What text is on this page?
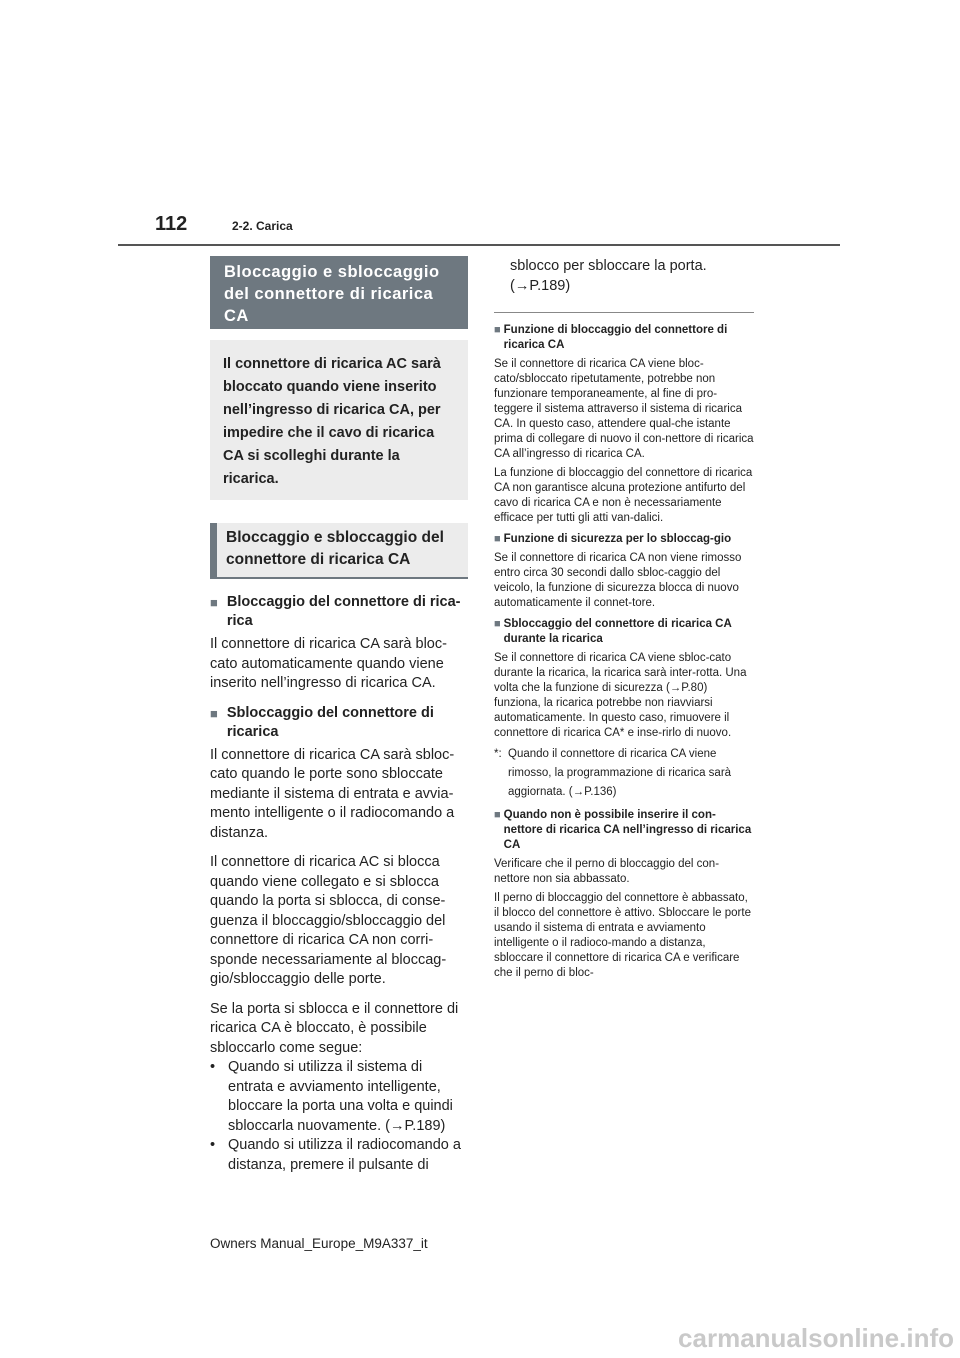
112	2-2. Carica
Bloccaggio e sbloccaggio del connettore di ricarica CA
Il connettore di ricarica AC sarà bloccato quando viene inserito nell’ingresso di ricarica CA, per impedire che il cavo di ricarica CA si scolleghi durante la ricarica.
Bloccaggio e sbloccaggio del connettore di ricarica CA
■ Bloccaggio del connettore di rica-rica
Il connettore di ricarica CA sarà bloc-cato automaticamente quando viene inserito nell’ingresso di ricarica CA.
■ Sbloccaggio del connettore di ricarica
Il connettore di ricarica CA sarà sbloc-cato quando le porte sono sbloccate mediante il sistema di entrata e avvia-mento intelligente o il radiocomando a distanza.
Il connettore di ricarica AC si blocca quando viene collegato e si sblocca quando la porta si sblocca, di conse-guenza il bloccaggio/sbloccaggio del connettore di ricarica CA non corri-sponde necessariamente al bloccag-gio/sbloccaggio delle porte.
Se la porta si sblocca e il connettore di ricarica CA è bloccato, è possibile sbloccarlo come segue:
• Quando si utilizza il sistema di entrata e avviamento intelligente, bloccare la porta una volta e quindi sbloccarla nuovamente. (→P.189)
• Quando si utilizza il radiocomando a distanza, premere il pulsante di
sblocco per sbloccare la porta. (→P.189)
■ Funzione di bloccaggio del connettore di ricarica CA
Se il connettore di ricarica CA viene bloc-cato/sbloccato ripetutamente, potrebbe non funzionare temporaneamente, al fine di pro-teggere il sistema attraverso il sistema di ricarica CA. In questo caso, attendere qual-che istante prima di collegare di nuovo il con-nettore di ricarica CA all’ingresso di ricarica CA.
La funzione di bloccaggio del connettore di ricarica CA non garantisce alcuna protezione antifurto del cavo di ricarica CA e non è necessariamente efficace per tutti gli atti van-dalici.
■ Funzione di sicurezza per lo sbloccag-gio
Se il connettore di ricarica CA non viene rimosso entro circa 30 secondi dallo sbloc-caggio del veicolo, la funzione di sicurezza blocca di nuovo automaticamente il connet-tore.
■ Sbloccaggio del connettore di ricarica CA durante la ricarica
Se il connettore di ricarica CA viene sbloc-cato durante la ricarica, la ricarica sarà inter-rotta. Una volta che la funzione di sicurezza (→P.80) funziona, la ricarica potrebbe non riavviarsi automaticamente. In questo caso, rimuovere il connettore di ricarica CA* e inse-rirlo di nuovo.
*: Quando il connettore di ricarica CA viene rimosso, la programmazione di ricarica sarà aggiornata. (→P.136)
■ Quando non è possibile inserire il con-nettore di ricarica CA nell’ingresso di ricarica CA
Verificare che il perno di bloccaggio del con-nettore non sia abbassato.
Il perno di bloccaggio del connettore è abbassato, il blocco del connettore è attivo. Sbloccare le porte usando il sistema di entrata e avviamento intelligente o il radioco-mando a distanza, sbloccare il connettore di ricarica CA e verificare che il perno di bloc-
Owners Manual_Europe_M9A337_it
carmanualsonline.info
